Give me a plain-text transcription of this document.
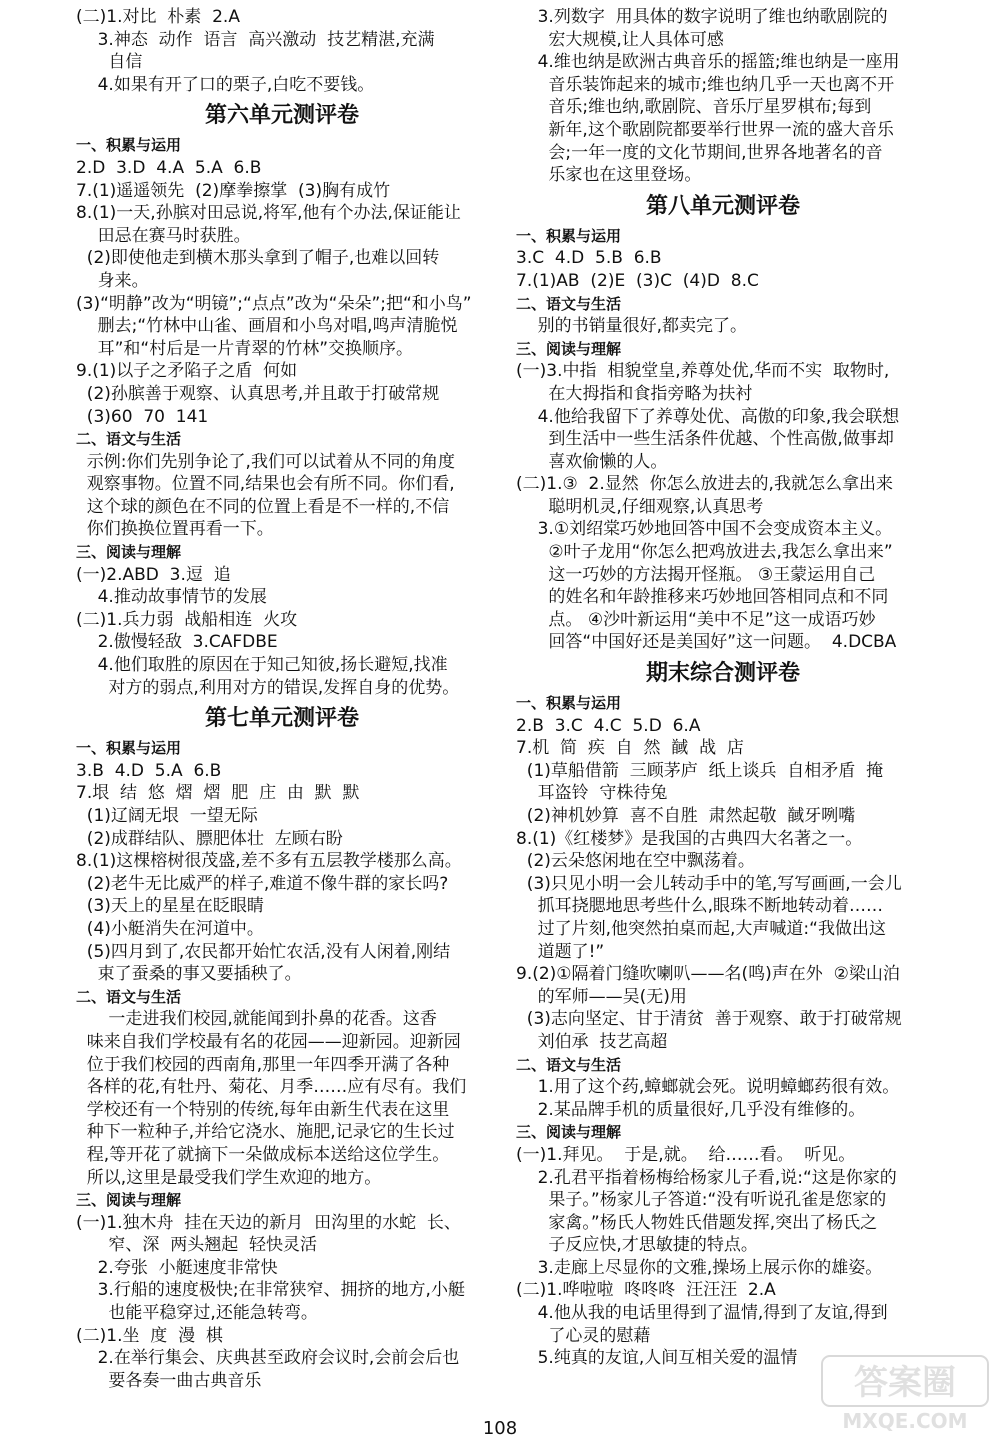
(二)1.对比  朴素  2.A
3.神态  动作  语言  高兴激动  技艺精湛,充满
自信
4.如果有开了口的栗子,白吃不要钱。
第六单元测评卷
一、积累与运用
2.D  3.D  4.A  5.A  6.B
7.(1)遥遥领先  (2)摩拳擦掌  (3)胸有成竹
8.(1)一天,孙膑对田忌说,将军,他有个办法,保证能让
田忌在赛马时获胜。
(2)即使他走到横木那头拿到了帽子,也难以回转
身来。
(3)“明静”改为“明镜”;“点点”改为“朵朵”;把“和小鸟”
删去;“竹林中山雀、画眉和小鸟对唱,鸣声清脆悦
耳”和“村后是一片青翠的竹林”交换顺序。
9.(1)以子之矛陷子之盾  何如
(2)孙膑善于观察、认真思考,并且敢于打破常规
(3)60  70  141
二、语文与生活
示例:你们先别争论了,我们可以试着从不同的角度
观察事物。位置不同,结果也会有所不同。你们看,
这个球的颜色在不同的位置上看是不一样的,不信
你们换换位置再看一下。
三、阅读与理解
(一)2.ABD  3.逗  追
4.推动故事情节的发展
(二)1.兵力弱  战船相连  火攻
2.傲慢轻敌  3.CAFDBE
4.他们取胜的原因在于知己知彼,扬长避短,找准
对方的弱点,利用对方的错误,发挥自身的优势。
第七单元测评卷
一、积累与运用
3.B  4.D  5.A  6.B
7.垠  结  悠  熠  熠  肥  庄  由  默  默
(1)辽阔无垠  一望无际
(2)成群结队、膘肥体壮  左顾右盼
8.(1)这棵榕树很茂盛,差不多有五层教学楼那么高。
(2)老牛无比威严的样子,难道不像牛群的家长吗?
(3)天上的星星在眨眼睛
(4)小艇消失在河道中。
(5)四月到了,农民都开始忙农活,没有人闲着,刚结
束了蚕桑的事又要插秧了。
二、语文与生活
一走进我们校园,就能闻到扑鼻的花香。这香
味来自我们学校最有名的花园——迎新园。迎新园
位于我们校园的西南角,那里一年四季开满了各种
各样的花,有牡丹、菊花、月季……应有尽有。我们
学校还有一个特别的传统,每年由新生代表在这里
种下一粒种子,并给它浇水、施肥,记录它的生长过
程,等开花了就摘下一朵做成标本送给这位学生。
所以,这里是最受我们学生欢迎的地方。
三、阅读与理解
(一)1.独木舟  挂在天边的新月  田沟里的水蛇  长、
窄、深  两头翘起  轻快灵活
2.夸张  小艇速度非常快
3.行船的速度极快;在非常狭窄、拥挤的地方,小艇
也能平稳穿过,还能急转弯。
(二)1.坐  度  漫  棋
2.在举行集会、庆典甚至政府会议时,会前会后也
要各奏一曲古典音乐
3.列数字  用具体的数字说明了维也纳歌剧院的
宏大规模,让人具体可感
4.维也纳是欧洲古典音乐的摇篮;维也纳是一座用
音乐装饰起来的城市;维也纳几乎一天也离不开
音乐;维也纳,歌剧院、音乐厅星罗棋布;每到
新年,这个歌剧院都要举行世界一流的盛大音乐
会;一年一度的文化节期间,世界各地著名的音
乐家也在这里登场。
第八单元测评卷
一、积累与运用
3.C  4.D  5.B  6.B
7.(1)AB  (2)E  (3)C  (4)D  8.C
二、语文与生活
别的书销量很好,都卖完了。
三、阅读与理解
(一)3.中指  相貌堂皇,养尊处优,华而不实  取物时,
在大拇指和食指旁略为扶衬
4.他给我留下了养尊处优、高傲的印象,我会联想
到生活中一些生活条件优越、个性高傲,做事却
喜欢偷懒的人。
(二)1.③  2.显然  你怎么放进去的,我就怎么拿出来
聪明机灵,仔细观察,认真思考
3.①刘绍棠巧妙地回答中国不会变成资本主义。
②叶子龙用“你怎么把鸡放进去,我怎么拿出来”
这一巧妙的方法揭开怪瓶。 ③王蒙运用自己
的姓名和年龄推移来巧妙地回答相同点和不同
点。 ④沙叶新运用“美中不足”这一成语巧妙
回答“中国好还是美国好”这一问题。  4.DCBA
期末综合测评卷
一、积累与运用
2.B  3.C  4.C  5.D  6.A
7.机  简  疾  自  然  馘  战  店
(1)草船借箭  三顾茅庐  纸上谈兵  自相矛盾  掩
耳盗铃  守株待兔
(2)神机妙算  喜不自胜  肃然起敬  馘牙咧嘴
8.(1)《红楼梦》是我国的古典四大名著之一。
(2)云朵悠闲地在空中飘荡着。
(3)只见小明一会儿转动手中的笔,写写画画,一会儿
抓耳挠腮地思考些什么,眼珠不断地转动着……
过了片刻,他突然拍桌而起,大声喊道:“我做出这
道题了!”
9.(2)①隔着门缝吹喇叭——名(鸣)声在外  ②梁山泊
的军师——吴(无)用
(3)志向坚定、甘于清贫  善于观察、敢于打破常规
刘伯承  技艺高超
二、语文与生活
1.用了这个药,蟑螂就会死。说明蟑螂药很有效。
2.某品牌手机的质量很好,几乎没有维修的。
三、阅读与理解
(一)1.拜见。  于是,就。  给……看。  听见。
2.孔君平指着杨梅给杨家儿子看,说:“这是你家的
果子。”杨家儿子答道:“没有听说孔雀是您家的
家禽。”杨氏人物姓氏借题发挥,突出了杨氏之
子反应快,才思敏捷的特点。
3.走廊上尽显你的文雅,操场上展示你的雄姿。
(二)1.哗啦啦  咚咚咚  汪汪汪  2.A
4.他从我的电话里得到了温情,得到了友谊,得到
了心灵的慰藉
5.纯真的友谊,人间互相关爱的温情
108
答案圈
MXQE.COM
